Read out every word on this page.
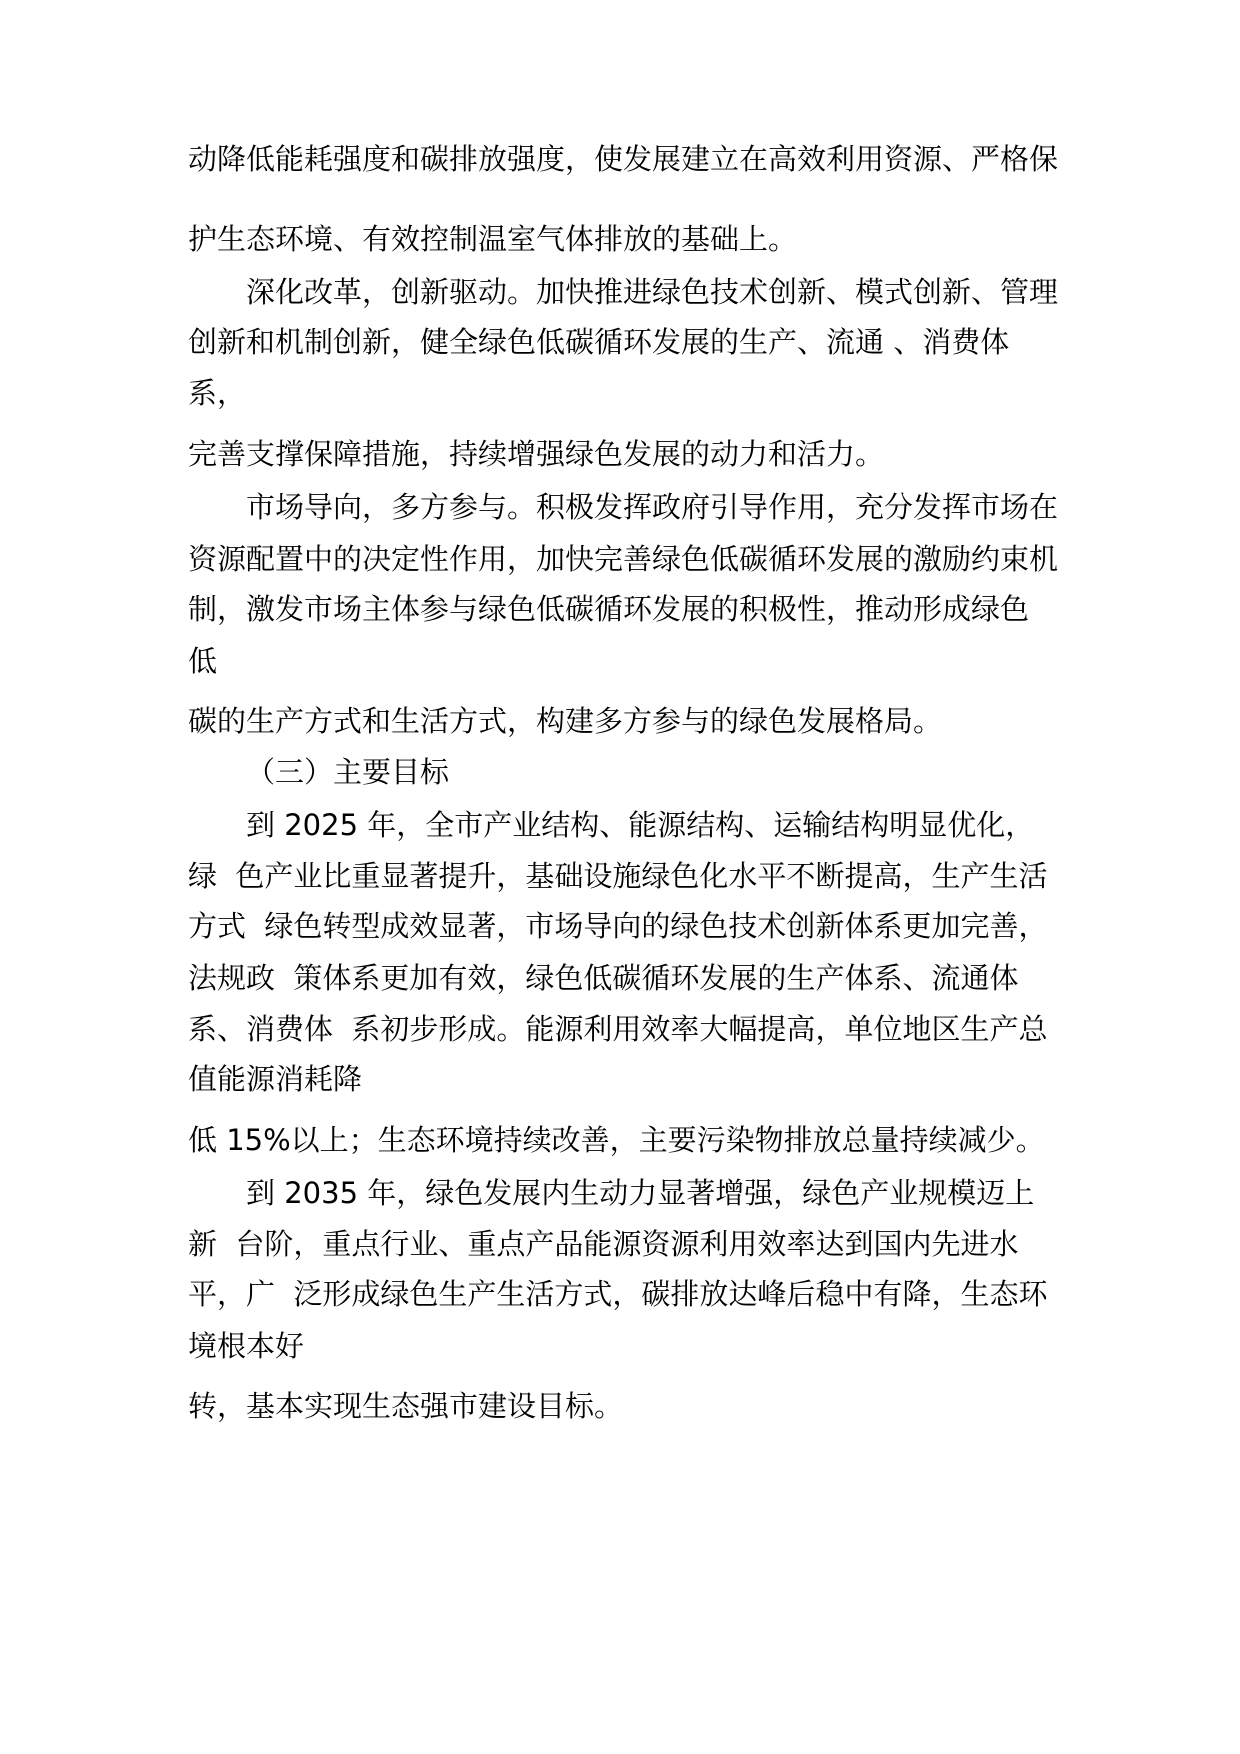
动降低能耗强度和碳排放强度，使发展建立在高效利用资源、严格保
护生态环境、有效控制温室气体排放的基础上。
深化改革，创新驱动。加快推进绿色技术创新、模式创新、管理
创新和机制创新，健全绿色低碳循环发展的生产、流通 、消费体
系，
完善支撑保障措施，持续增强绿色发展的动力和活力。
市场导向，多方参与。积极发挥政府引导作用，充分发挥市场在
资源配置中的决定性作用，加快完善绿色低碳循环发展的激励约束机
制，激发市场主体参与绿色低碳循环发展的积极性，推动形成绿色
低
碳的生产方式和生活方式，构建多方参与的绿色发展格局。
（三）主要目标
到 2025 年，全市产业结构、能源结构、运输结构明显优化，
绿  色产业比重显著提升，基础设施绿色化水平不断提高，生产生活
方式  绿色转型成效显著，市场导向的绿色技术创新体系更加完善，
法规政  策体系更加有效，绿色低碳循环发展的生产体系、流通体
系、消费体  系初步形成。能源利用效率大幅提高，单位地区生产总
值能源消耗降
低 15%以上；生态环境持续改善，主要污染物排放总量持续减少。
到 2035 年，绿色发展内生动力显著增强，绿色产业规模迈上
新  台阶，重点行业、重点产品能源资源利用效率达到国内先进水
平，广  泛形成绿色生产生活方式，碳排放达峰后稳中有降，生态环
境根本好
转，基本实现生态强市建设目标。
